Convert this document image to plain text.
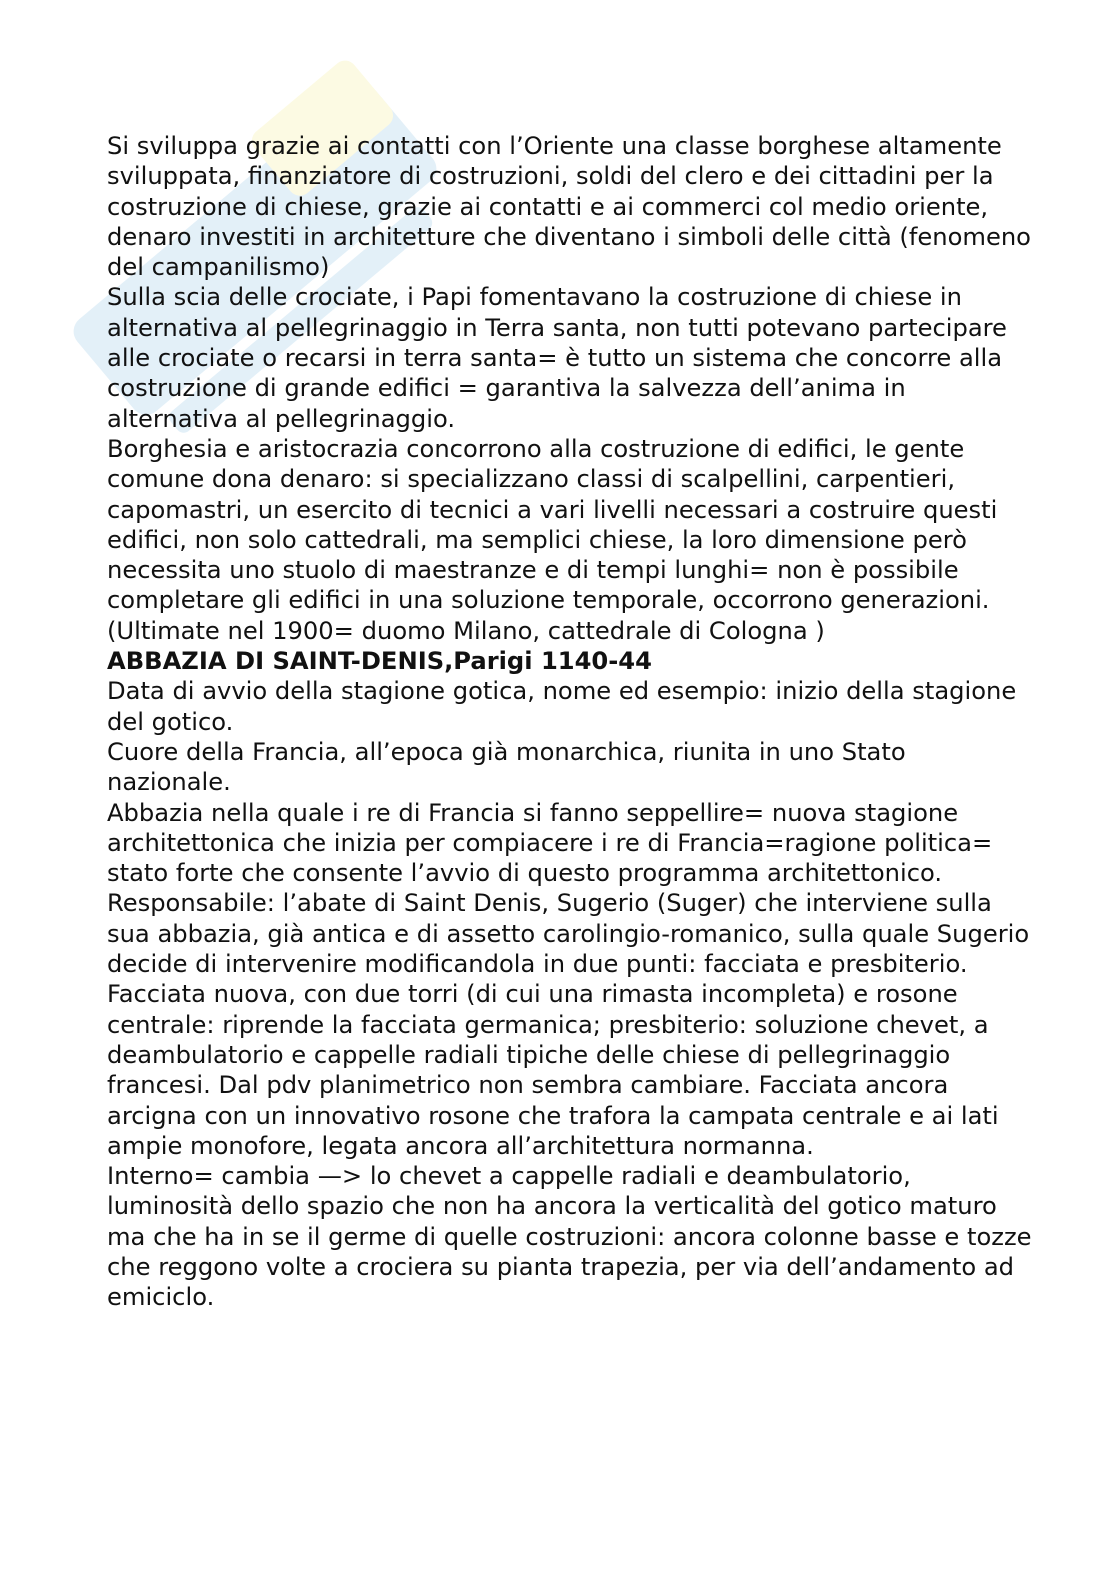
Si sviluppa grazie ai contatti con l’Oriente una classe borghese altamente sviluppata, finanziatore di costruzioni, soldi del clero e dei cittadini per la costruzione di chiese, grazie ai contatti e ai commerci col medio oriente, denaro investiti in architetture che diventano i simboli delle città (fenomeno del campanilismo)

Sulla scia delle crociate, i Papi fomentavano la costruzione di chiese in alternativa al pellegrinaggio in Terra santa, non tutti potevano partecipare alle crociate o recarsi in terra santa= è tutto un sistema che concorre alla costruzione di grande edifici = garantiva la salvezza dell’anima in alternativa al pellegrinaggio.

Borghesia e aristocrazia concorrono alla costruzione di edifici, le gente comune dona denaro: si specializzano classi di scalpellini, carpentieri, capomastri, un esercito di tecnici a vari livelli necessari a costruire questi edifici, non solo cattedrali, ma semplici chiese, la loro dimensione però necessita uno stuolo di maestranze e di tempi lunghi= non è possibile completare gli edifici in una soluzione temporale, occorrono generazioni. (Ultimate nel 1900= duomo Milano, cattedrale di Cologna )

ABBAZIA DI SAINT-DENIS,Parigi 1140-44

Data di avvio della stagione gotica, nome ed esempio: inizio della stagione del gotico.

Cuore della Francia, all’epoca già monarchica, riunita in uno Stato nazionale.

Abbazia nella quale i re di Francia si fanno seppellire= nuova stagione architettonica che inizia per compiacere i re di Francia=ragione politica= stato forte che consente l’avvio di questo programma architettonico.

Responsabile: l’abate di Saint Denis, Sugerio (Suger) che interviene sulla sua abbazia, già antica e di assetto carolingio-romanico, sulla quale Sugerio decide di intervenire modificandola in due punti: facciata e presbiterio.

Facciata nuova, con due torri (di cui una rimasta incompleta) e rosone centrale: riprende la facciata germanica; presbiterio: soluzione chevet, a deambulatorio e cappelle radiali tipiche delle chiese di pellegrinaggio francesi. Dal pdv planimetrico non sembra cambiare. Facciata ancora arcigna con un innovativo rosone che trafora la campata centrale e ai lati ampie monofore, legata ancora all’architettura normanna.

Interno= cambia —> lo chevet a cappelle radiali e deambulatorio, luminosità dello spazio che non ha ancora la verticalità del gotico maturo ma che ha in se il germe di quelle costruzioni: ancora colonne basse e tozze che reggono volte a crociera su pianta trapezia, per via dell’andamento ad emiciclo.
